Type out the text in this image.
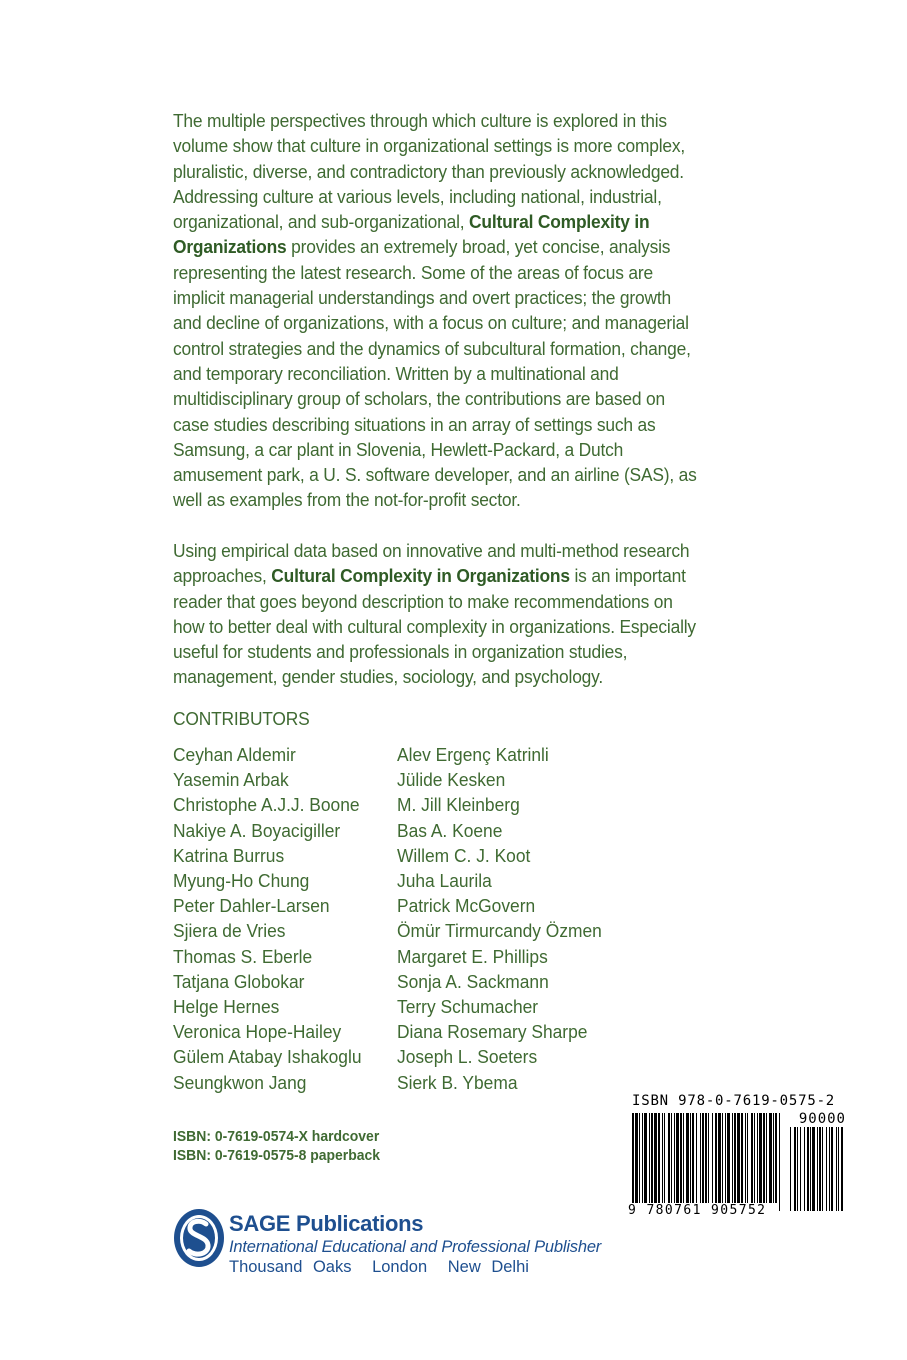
The multiple perspectives through which culture is explored in this volume show that culture in organizational settings is more complex, pluralistic, diverse, and contradictory than previously acknowledged. Addressing culture at various levels, including national, industrial, organizational, and sub-organizational, Cultural Complexity in Organizations provides an extremely broad, yet concise, analysis representing the latest research. Some of the areas of focus are implicit managerial understandings and overt practices; the growth and decline of organizations, with a focus on culture; and managerial control strategies and the dynamics of subcultural formation, change, and temporary reconciliation. Written by a multinational and multidisciplinary group of scholars, the contributions are based on case studies describing situations in an array of settings such as Samsung, a car plant in Slovenia, Hewlett-Packard, a Dutch amusement park, a U. S. software developer, and an airline (SAS), as well as examples from the not-for-profit sector.
Using empirical data based on innovative and multi-method research approaches, Cultural Complexity in Organizations is an important reader that goes beyond description to make recommendations on how to better deal with cultural complexity in organizations. Especially useful for students and professionals in organization studies, management, gender studies, sociology, and psychology.
CONTRIBUTORS
Ceyhan Aldemir
Yasemin Arbak
Christophe A.J.J. Boone
Nakiye A. Boyacigiller
Katrina Burrus
Myung-Ho Chung
Peter Dahler-Larsen
Sjiera de Vries
Thomas S. Eberle
Tatjana Globokar
Helge Hernes
Veronica Hope-Hailey
Gülem Atabay Ishakoglu
Seungkwon Jang
Alev Ergenç Katrinli
Jülide Kesken
M. Jill Kleinberg
Bas A. Koene
Willem C. J. Koot
Juha Laurila
Patrick McGovern
Ömür Tirmurcandy Özmen
Margaret E. Phillips
Sonja A. Sackmann
Terry Schumacher
Diana Rosemary Sharpe
Joseph L. Soeters
Sierk B. Ybema
ISBN: 0-7619-0574-X hardcover
ISBN: 0-7619-0575-8 paperback
ISBN 978-0-7619-0575-2
90000
9 780761 905752
SAGE Publications
International Educational and Professional Publisher
Thousand Oaks London New Delhi
